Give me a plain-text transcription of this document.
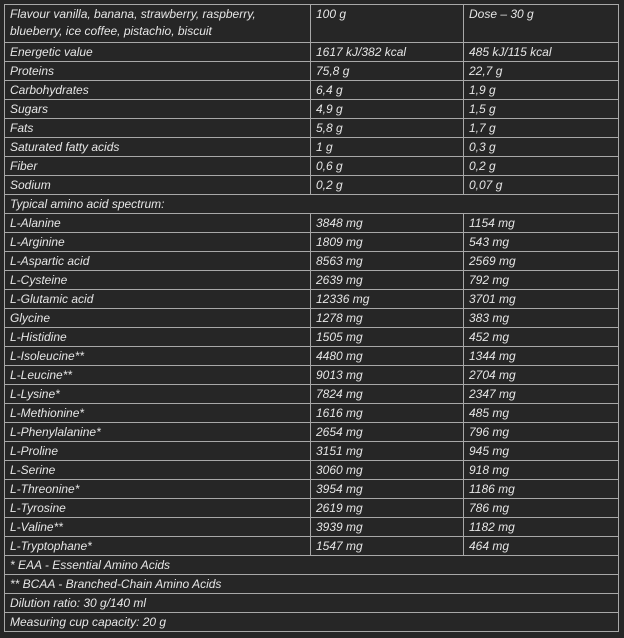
Flavour vanilla, banana, strawberry, raspberry, blueberry, ice coffee, pistachio, biscuit	100 g	Dose – 30 g
Energetic value	1617 kJ/382 kcal	485 kJ/115 kcal
Proteins	75,8 g	22,7 g
Carbohydrates	6,4 g	1,9 g
Sugars	4,9 g	1,5 g
Fats	5,8 g	1,7 g
Saturated fatty acids	1 g	0,3 g
Fiber	0,6 g	0,2 g
Sodium	0,2 g	0,07 g
Typical amino acid spectrum:		
L-Alanine	3848 mg	1154 mg
L-Arginine	1809 mg	543 mg
L-Aspartic acid	8563 mg	2569 mg
L-Cysteine	2639 mg	792 mg
L-Glutamic acid	12336 mg	3701 mg
Glycine	1278 mg	383 mg
L-Histidine	1505 mg	452 mg
L-Isoleucine**	4480 mg	1344 mg
L-Leucine**	9013 mg	2704 mg
L-Lysine*	7824 mg	2347 mg
L-Methionine*	1616 mg	485 mg
L-Phenylalanine*	2654 mg	796 mg
L-Proline	3151 mg	945 mg
L-Serine	3060 mg	918 mg
L-Threonine*	3954 mg	1186 mg
L-Tyrosine	2619 mg	786 mg
L-Valine**	3939 mg	1182 mg
L-Tryptophane*	1547 mg	464 mg
* EAA - Essential Amino Acids		
** BCAA - Branched-Chain Amino Acids		
Dilution ratio: 30 g/140 ml		
Measuring cup capacity: 20 g		
